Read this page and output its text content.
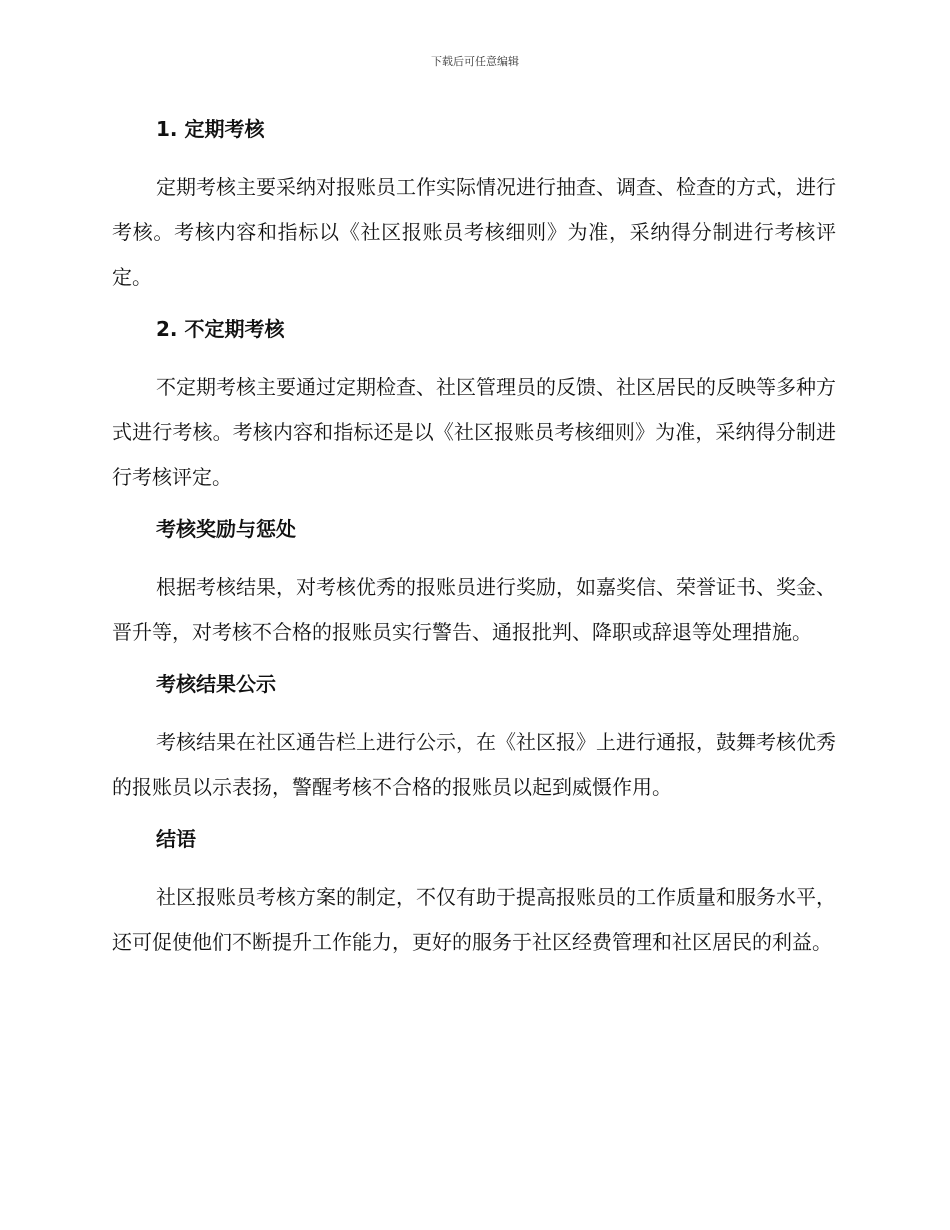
下载后可任意编辑
1. 定期考核

定期考核主要采纳对报账员工作实际情况进行抽查、调查、检查的方式，进行考核。考核内容和指标以《社区报账员考核细则》为准，采纳得分制进行考核评定。

2. 不定期考核

不定期考核主要通过定期检查、社区管理员的反馈、社区居民的反映等多种方式进行考核。考核内容和指标还是以《社区报账员考核细则》为准，采纳得分制进行考核评定。

考核奖励与惩处

根据考核结果，对考核优秀的报账员进行奖励，如嘉奖信、荣誉证书、奖金、晋升等，对考核不合格的报账员实行警告、通报批判、降职或辞退等处理措施。

考核结果公示

考核结果在社区通告栏上进行公示，在《社区报》上进行通报，鼓舞考核优秀的报账员以示表扬，警醒考核不合格的报账员以起到威慑作用。

结语

社区报账员考核方案的制定，不仅有助于提高报账员的工作质量和服务水平，还可促使他们不断提升工作能力，更好的服务于社区经费管理和社区居民的利益。
